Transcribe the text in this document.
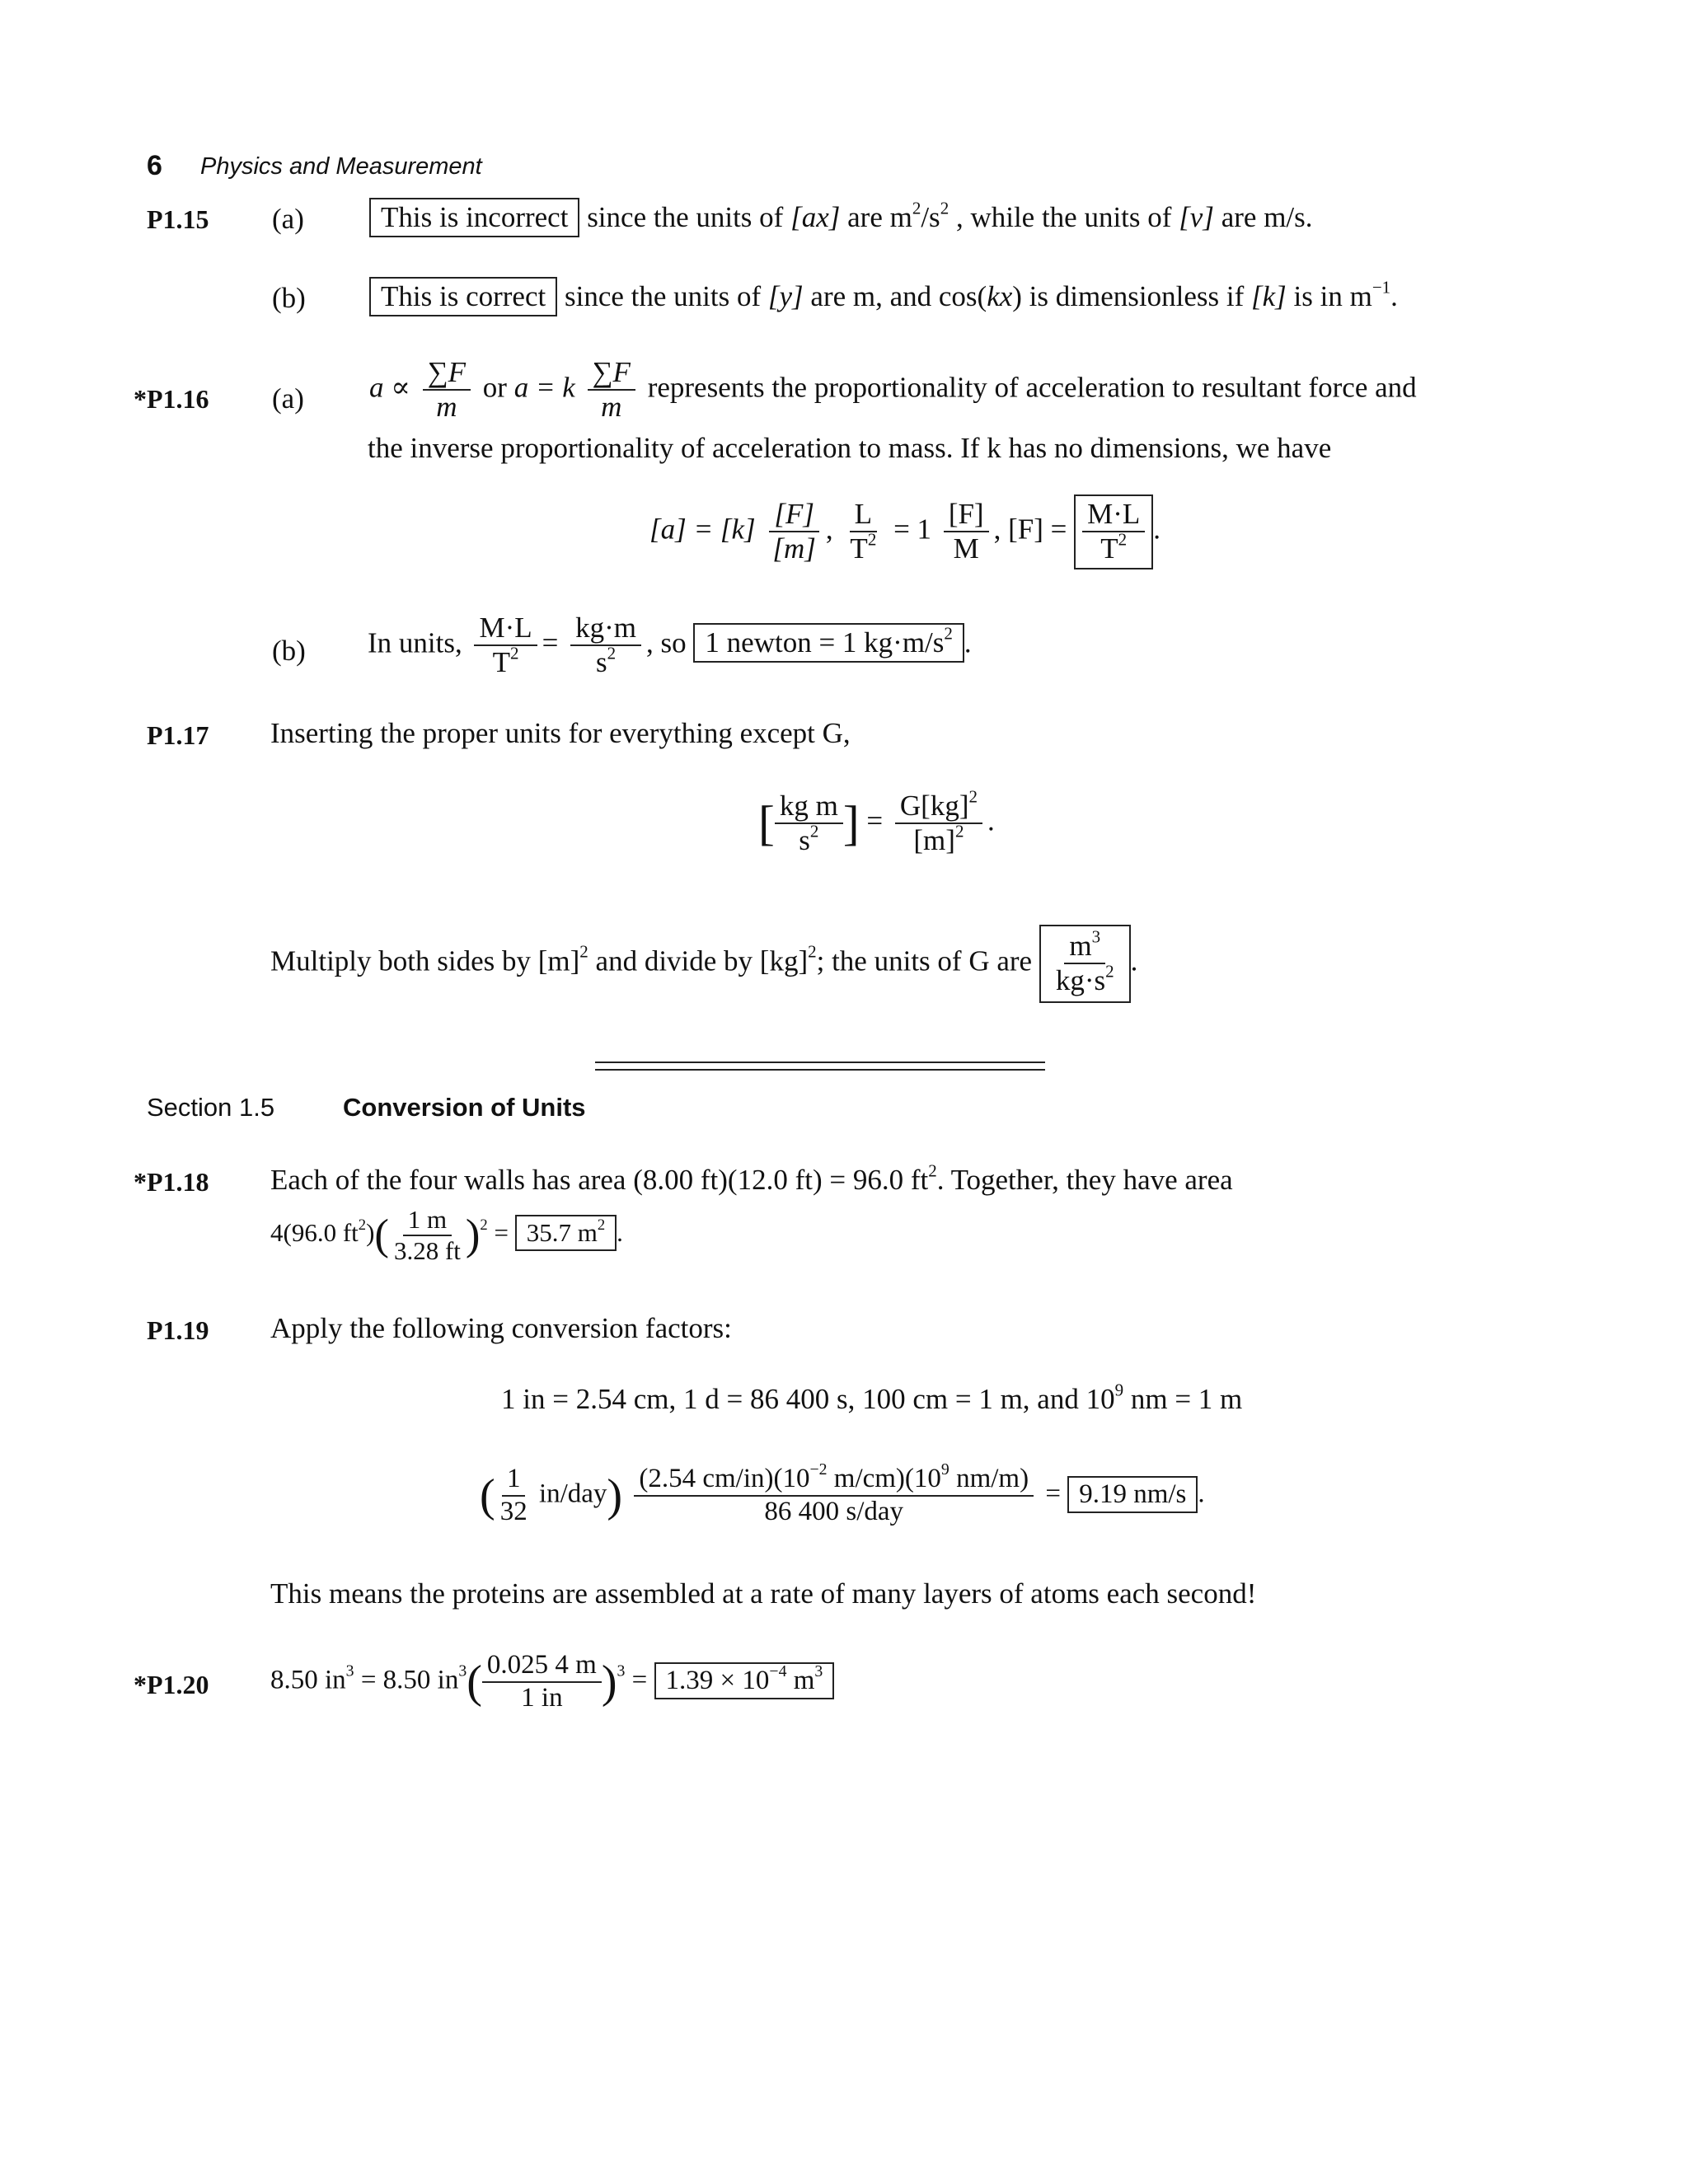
6 Physics and Measurement
P1.15 (a)	This is incorrect since the units of [ax] are $m^2/s^2$ , while the units of [v] are m/s.
(b)	This is correct since the units of [y] are m, and cos(kx) is dimensionless if [k] is in $m^{-1}$.
*P1.16 (a) $a \propto \frac{\sum F}{m}$ or a = k $\frac{\sum F}{m}$ represents the proportionality of acceleration to resultant force and
the inverse proportionality of acceleration to mass. If k has no dimensions, we have
$[a] = [k] \frac{[F]}{[m]}$ , $\frac{L}{T^2} = 1 \frac{[F]}{M}$ , $[F] = \frac{M\cdot L}{T^2}$ .
(b) In units, $\frac{M\cdot L}{T^2} = \frac{kg\cdot m}{s^2}$ , so 1 newton = 1 $kg\cdot m/s^2$ .
P1.17 Inserting the proper units for everything except G,
[ $\frac{\text{kg m}}{s^2}$ ] = $\frac{G[kg]^2}{[m]^2}$ .
Multiply both sides by $[m]^2$ and divide by [kg]$^2$; the units of G are $\frac{m^3}{kg\cdot s^2}$ .
Section 1.5	Conversion of Units
*P1.18 Each of the four walls has area (8.00 ft)(12.0 ft) = 96.0 $ft^2$. Together, they have area
4(96.0 $ft^2)( \frac{1 m}{3.28 ft} )^2 = 35.7$ $m^2$ .
P1.19 Apply the following conversion factors:
1 in = 2.54 cm, 1 d = 86 400 s, 100 cm = 1 m, and $10^9$ nm = 1 m
( $\frac{1}{32} in/day) \frac{(2.54 cm/in)(10^{-2} m/cm)(10^9 nm/m)}{\text{86 400 s/day}} = 9.19$ nm/s .
This means the proteins are assembled at a rate of many layers of atoms each second!
*P1.20 8.50 $in^3 = 8.50$ $in^3( \frac{0.025 4 m}{1 in} )^3 = 1.39 \times 10^{-4}$ $m^3$
